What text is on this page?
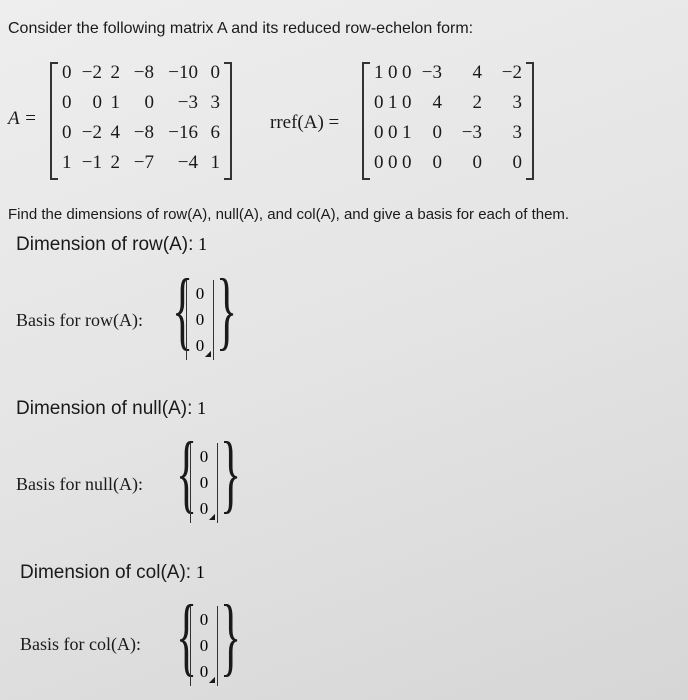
Consider the following matrix A and its reduced row-echelon form:
A =
0 −2 2 −8 −10 0
0	0 1	0	−3 3
0 −2 4 −8 −16 6
1 −1 2 −7	−4 1
rref(A) =
1 0 0 −3	4	−2
0 1 0	4	2	3
0 0 1	0	−3	3
0 0 0	0	0	0
Find the dimensions of row(A), null(A), and col(A), and give a basis for each of them.
Dimension of row(A): 1
Basis for row(A): {
0
0
0 ◢ }
Dimension of null(A): 1
Basis for null(A): {
0
0
0 ◢ }
Dimension of col(A): 1
Basis for col(A): {
0
0
0 ◢ }
